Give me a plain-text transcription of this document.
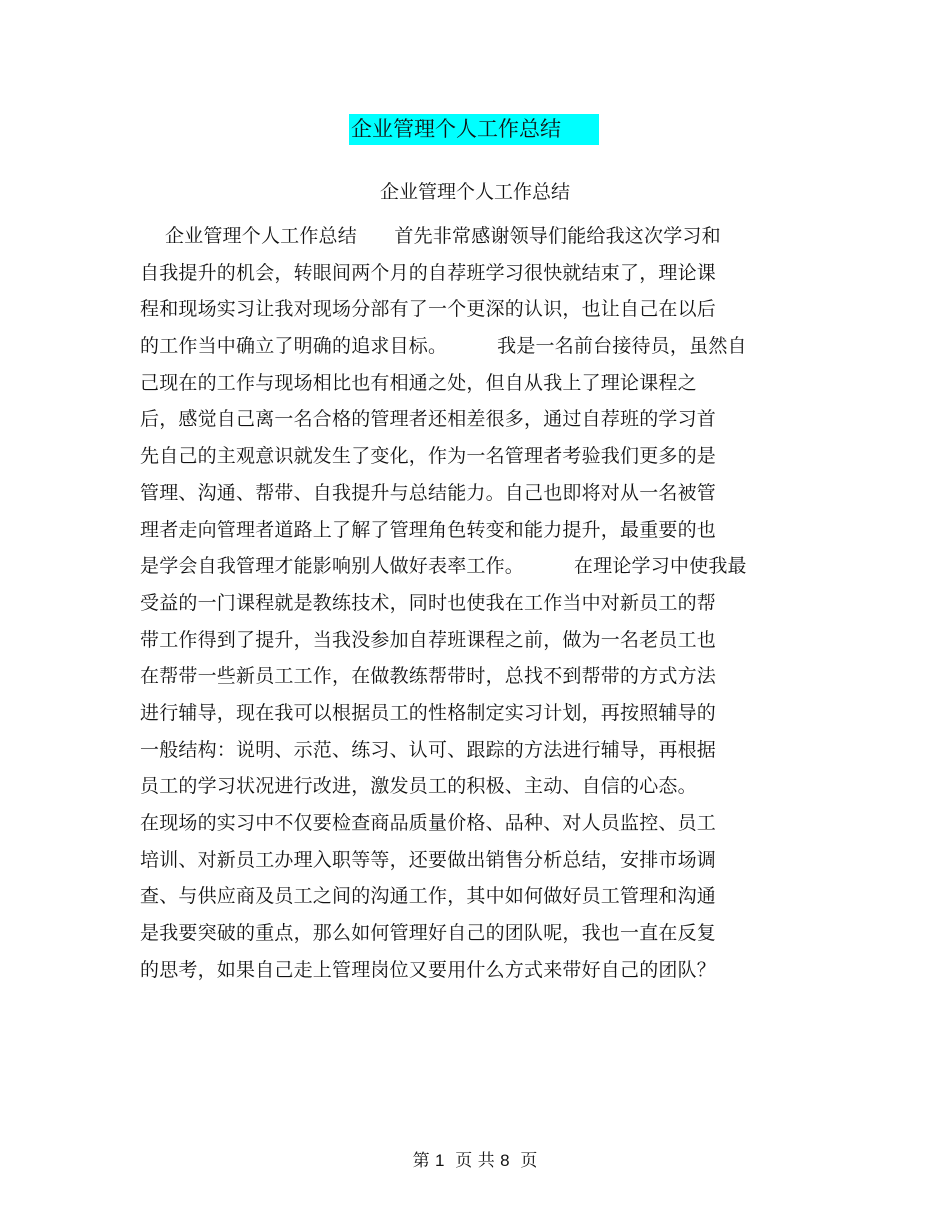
企业管理个人工作总结
企业管理个人工作总结
企业管理个人工作总结      首先非常感谢领导们能给我这次学习和
自我提升的机会，转眼间两个月的自荐班学习很快就结束了，理论课
程和现场实习让我对现场分部有了一个更深的认识，也让自己在以后
的工作当中确立了明确的追求目标。        我是一名前台接待员，虽然自
己现在的工作与现场相比也有相通之处，但自从我上了理论课程之
后，感觉自己离一名合格的管理者还相差很多，通过自荐班的学习首
先自己的主观意识就发生了变化，作为一名管理者考验我们更多的是
管理、沟通、帮带、自我提升与总结能力。自己也即将对从一名被管
理者走向管理者道路上了解了管理角色转变和能力提升，最重要的也
是学会自我管理才能影响别人做好表率工作。        在理论学习中使我最
受益的一门课程就是教练技术，同时也使我在工作当中对新员工的帮
带工作得到了提升，当我没参加自荐班课程之前，做为一名老员工也
在帮带一些新员工工作，在做教练帮带时，总找不到帮带的方式方法
进行辅导，现在我可以根据员工的性格制定实习计划，再按照辅导的
一般结构：说明、示范、练习、认可、跟踪的方法进行辅导，再根据
员工的学习状况进行改进，激发员工的积极、主动、自信的心态。
在现场的实习中不仅要检查商品质量价格、品种、对人员监控、员工
培训、对新员工办理入职等等，还要做出销售分析总结，安排市场调
查、与供应商及员工之间的沟通工作，其中如何做好员工管理和沟通
是我要突破的重点，那么如何管理好自己的团队呢，我也一直在反复
的思考，如果自己走上管理岗位又要用什么方式来带好自己的团队？
第 1 页 共 8 页
